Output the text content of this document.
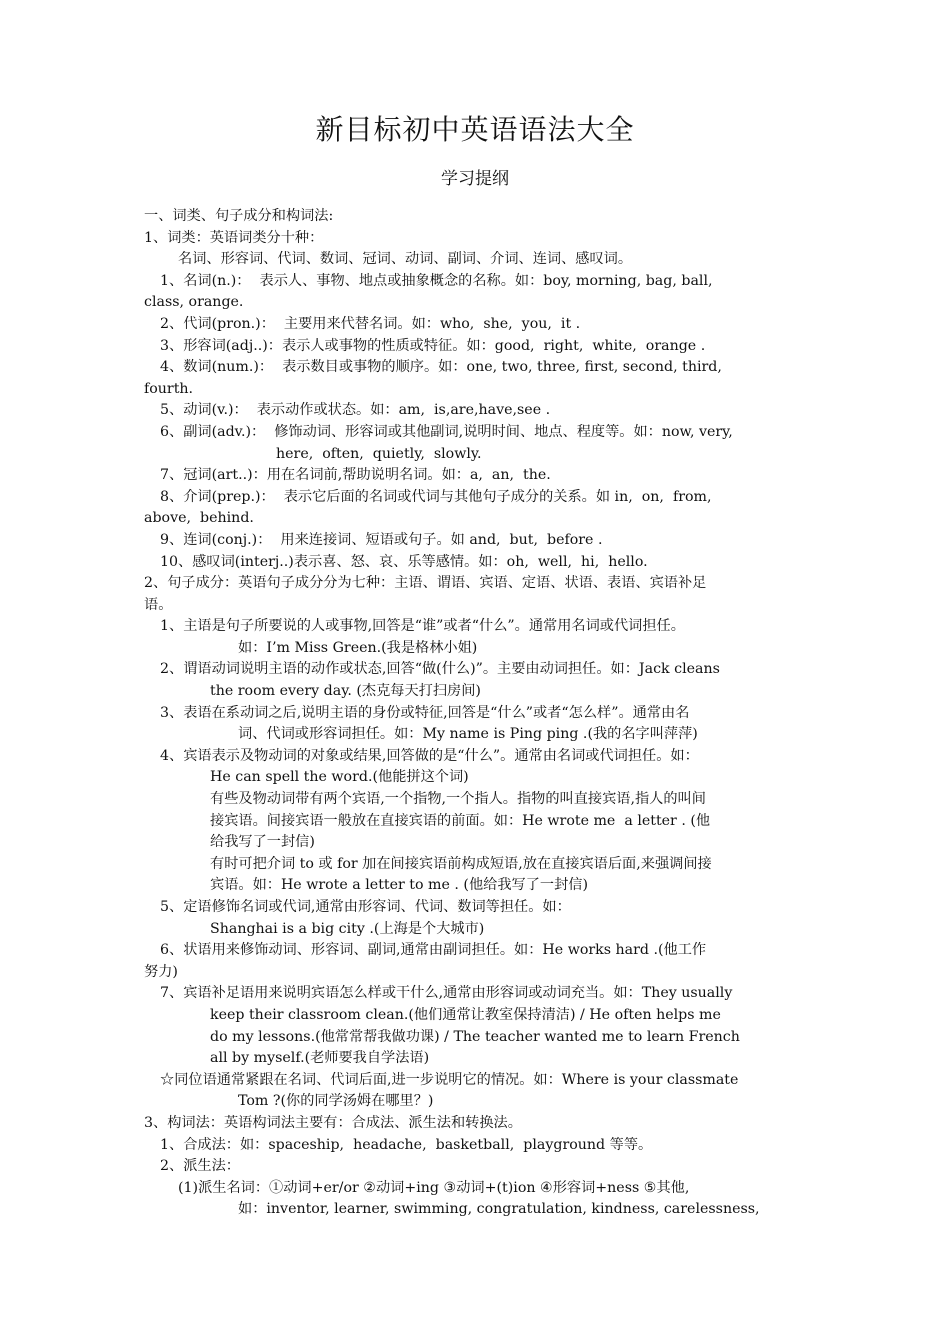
新目标初中英语语法大全
学习提纲
一、词类、句子成分和构词法:
1、词类：英语词类分十种：
名词、形容词、代词、数词、冠词、动词、副词、介词、连词、感叹词。
1、名词(n.)：  表示人、事物、地点或抽象概念的名称。如：boy, morning, bag, ball,
class, orange.
2、代词(pron.)：  主要用来代替名词。如：who,  she,  you,  it .
3、形容词(adj..)：表示人或事物的性质或特征。如：good,  right,  white,  orange .
4、数词(num.)：  表示数目或事物的顺序。如：one, two, three, first, second, third,
fourth.
5、动词(v.)：  表示动作或状态。如：am,  is,are,have,see .
6、副词(adv.)：  修饰动词、形容词或其他副词,说明时间、地点、程度等。如：now, very,
here,  often,  quietly,  slowly.
7、冠词(art..)：用在名词前,帮助说明名词。如：a,  an,  the.
8、介词(prep.)：  表示它后面的名词或代词与其他句子成分的关系。如 in,  on,  from,
above,  behind.
9、连词(conj.)：  用来连接词、短语或句子。如 and,  but,  before .
10、感叹词(interj..)表示喜、怒、哀、乐等感情。如：oh,  well,  hi,  hello.
2、句子成分：英语句子成分分为七种：主语、谓语、宾语、定语、状语、表语、宾语补足
语。
1、主语是句子所要说的人或事物,回答是“谁”或者“什么”。通常用名词或代词担任。
如：I’m Miss Green.(我是格林小姐)
2、谓语动词说明主语的动作或状态,回答“做(什么)”。主要由动词担任。如：Jack cleans
the room every day. (杰克每天打扫房间)
3、表语在系动词之后,说明主语的身份或特征,回答是“什么”或者“怎么样”。通常由名
词、代词或形容词担任。如：My name is Ping ping .(我的名字叫萍萍)
4、宾语表示及物动词的对象或结果,回答做的是“什么”。通常由名词或代词担任。如：
He can spell the word.(他能拼这个词)
有些及物动词带有两个宾语,一个指物,一个指人。指物的叫直接宾语,指人的叫间
接宾语。间接宾语一般放在直接宾语的前面。如：He wrote me  a letter . (他
给我写了一封信)
有时可把介词 to 或 for 加在间接宾语前构成短语,放在直接宾语后面,来强调间接
宾语。如：He wrote a letter to me . (他给我写了一封信)
5、定语修饰名词或代词,通常由形容词、代词、数词等担任。如：
Shanghai is a big city .(上海是个大城市)
6、状语用来修饰动词、形容词、副词,通常由副词担任。如：He works hard .(他工作
努力)
7、宾语补足语用来说明宾语怎么样或干什么,通常由形容词或动词充当。如：They usually
keep their classroom clean.(他们通常让教室保持清洁) / He often helps me
do my lessons.(他常常帮我做功课) / The teacher wanted me to learn French
all by myself.(老师要我自学法语)
☆同位语通常紧跟在名词、代词后面,进一步说明它的情况。如：Where is your classmate
Tom ?(你的同学汤姆在哪里？)
3、构词法：英语构词法主要有：合成法、派生法和转换法。
1、合成法：如：spaceship,  headache,  basketball,  playground 等等。
2、派生法：
(1)派生名词：①动词+er/or ②动词+ing ③动词+(t)ion ④形容词+ness ⑤其他,
如：inventor, learner, swimming, congratulation, kindness, carelessness,
